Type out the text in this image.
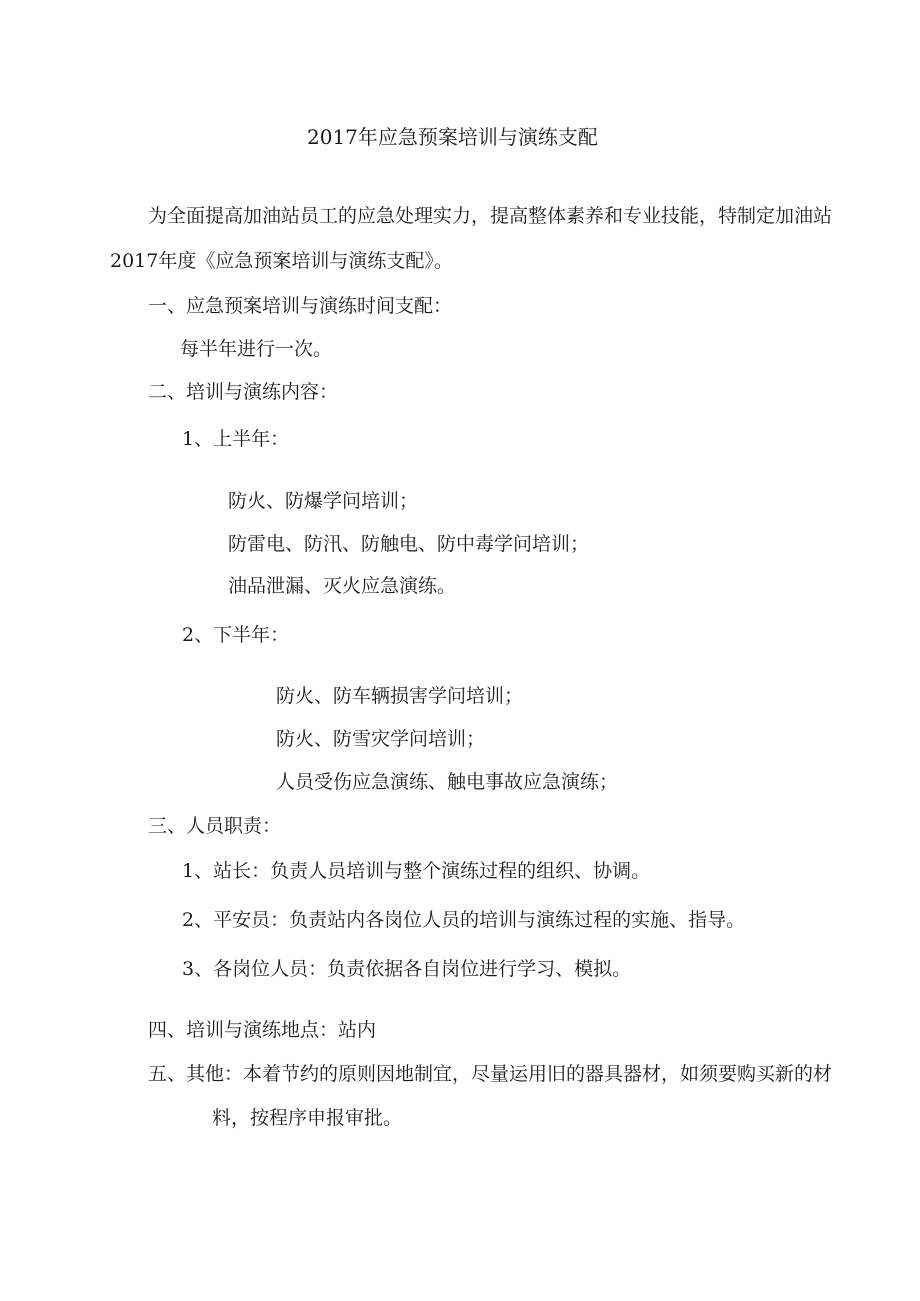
2017年应急预案培训与演练支配
为全面提高加油站员工的应急处理实力，提高整体素养和专业技能，特制定加油站
2017年度《应急预案培训与演练支配》。
一、应急预案培训与演练时间支配：
每半年进行一次。
二、培训与演练内容：
1、上半年：
防火、防爆学问培训；
防雷电、防汛、防触电、防中毒学问培训；
油品泄漏、灭火应急演练。
2、下半年：
防火、防车辆损害学问培训；
防火、防雪灾学问培训；
人员受伤应急演练、触电事故应急演练；
三、人员职责：
1、站长：负责人员培训与整个演练过程的组织、协调。
2、平安员：负责站内各岗位人员的培训与演练过程的实施、指导。
3、各岗位人员：负责依据各自岗位进行学习、模拟。
四、培训与演练地点：站内
五、其他：本着节约的原则因地制宜，尽量运用旧的器具器材，如须要购买新的材
料，按程序申报审批。
